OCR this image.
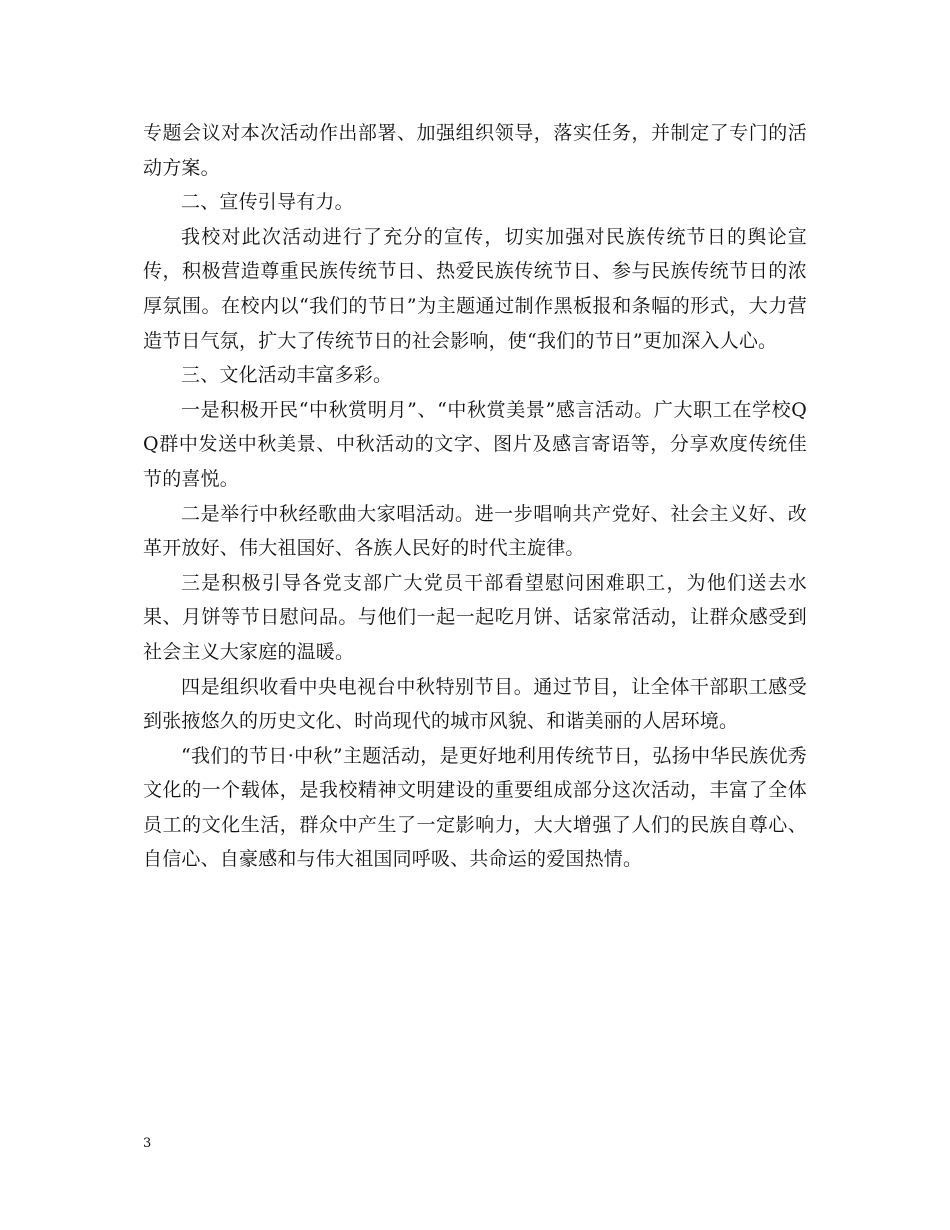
专题会议对本次活动作出部署、加强组织领导，落实任务，并制定了专门的活动方案。

二、宣传引导有力。

我校对此次活动进行了充分的宣传，切实加强对民族传统节日的舆论宣传，积极营造尊重民族传统节日、热爱民族传统节日、参与民族传统节日的浓厚氛围。在校内以“我们的节日”为主题通过制作黑板报和条幅的形式，大力营造节日气氛，扩大了传统节日的社会影响，使“我们的节日”更加深入人心。

三、文化活动丰富多彩。

一是积极开民“中秋赏明月”、“中秋赏美景”感言活动。广大职工在学校QQ群中发送中秋美景、中秋活动的文字、图片及感言寄语等，分享欢度传统佳节的喜悦。

二是举行中秋经歌曲大家唱活动。进一步唱响共产党好、社会主义好、改革开放好、伟大祖国好、各族人民好的时代主旋律。

三是积极引导各党支部广大党员干部看望慰问困难职工，为他们送去水果、月饼等节日慰问品。与他们一起一起吃月饼、话家常活动，让群众感受到社会主义大家庭的温暖。

四是组织收看中央电视台中秋特别节目。通过节目，让全体干部职工感受到张掖悠久的历史文化、时尚现代的城市风貌、和谐美丽的人居环境。

“我们的节日·中秋”主题活动，是更好地利用传统节日，弘扬中华民族优秀文化的一个载体，是我校精神文明建设的重要组成部分这次活动，丰富了全体员工的文化生活，群众中产生了一定影响力，大大增强了人们的民族自尊心、自信心、自豪感和与伟大祖国同呼吸、共命运的爱国热情。

3
